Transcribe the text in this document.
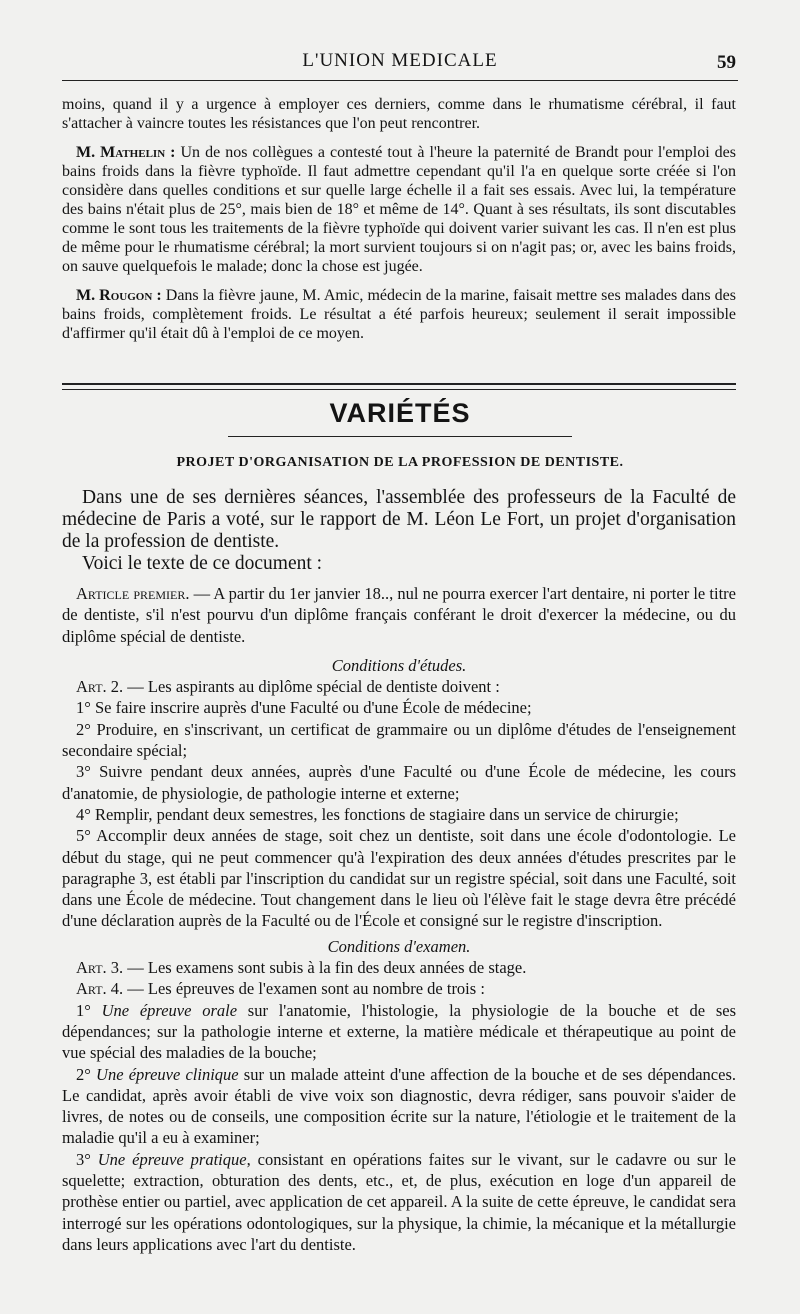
L'UNION MEDICALE	59

moins, quand il y a urgence à employer ces derniers, comme dans le rhumatisme cérébral, il faut s'attacher à vaincre toutes les résistances que l'on peut rencontrer.

M. Mathelin : Un de nos collègues a contesté tout à l'heure la paternité de Brandt pour l'emploi des bains froids dans la fièvre typhoïde. Il faut admettre cependant qu'il l'a en quelque sorte créée si l'on considère dans quelles conditions et sur quelle large échelle il a fait ses essais. Avec lui, la température des bains n'était plus de 25°, mais bien de 18° et même de 14°. Quant à ses résultats, ils sont discutables comme le sont tous les traitements de la fièvre typhoïde qui doivent varier suivant les cas. Il n'en est plus de même pour le rhumatisme cérébral; la mort survient toujours si on n'agit pas; or, avec les bains froids, on sauve quelquefois le malade; donc la chose est jugée.

M. Rougon : Dans la fièvre jaune, M. Amic, médecin de la marine, faisait mettre ses malades dans des bains froids, complètement froids. Le résultat a été parfois heureux; seulement il serait impossible d'affirmer qu'il était dû à l'emploi de ce moyen.

VARIÉTÉS
PROJET D'ORGANISATION DE LA PROFESSION DE DENTISTE.

Dans une de ses dernières séances, l'assemblée des professeurs de la Faculté de médecine de Paris a voté, sur le rapport de M. Léon Le Fort, un projet d'organisation de la profession de dentiste.

Voici le texte de ce document :

Article premier. — A partir du 1er janvier 18.., nul ne pourra exercer l'art dentaire, ni porter le titre de dentiste, s'il n'est pourvu d'un diplôme français conférant le droit d'exercer la médecine, ou du diplôme spécial de dentiste.

Conditions d'études.

Art. 2. — Les aspirants au diplôme spécial de dentiste doivent :

1° Se faire inscrire auprès d'une Faculté ou d'une École de médecine;

2° Produire, en s'inscrivant, un certificat de grammaire ou un diplôme d'études de l'enseignement secondaire spécial;

3° Suivre pendant deux années, auprès d'une Faculté ou d'une École de médecine, les cours d'anatomie, de physiologie, de pathologie interne et externe;

4° Remplir, pendant deux semestres, les fonctions de stagiaire dans un service de chirurgie;

5° Accomplir deux années de stage, soit chez un dentiste, soit dans une école d'odontologie. Le début du stage, qui ne peut commencer qu'à l'expiration des deux années d'études prescrites par le paragraphe 3, est établi par l'inscription du candidat sur un registre spécial, soit dans une Faculté, soit dans une École de médecine. Tout changement dans le lieu où l'élève fait le stage devra être précédé d'une déclaration auprès de la Faculté ou de l'École et consigné sur le registre d'inscription.

Conditions d'examen.

Art. 3. — Les examens sont subis à la fin des deux années de stage.

Art. 4. — Les épreuves de l'examen sont au nombre de trois :

1° Une épreuve orale sur l'anatomie, l'histologie, la physiologie de la bouche et de ses dépendances; sur la pathologie interne et externe, la matière médicale et thérapeutique au point de vue spécial des maladies de la bouche;

2° Une épreuve clinique sur un malade atteint d'une affection de la bouche et de ses dépendances. Le candidat, après avoir établi de vive voix son diagnostic, devra rédiger, sans pouvoir s'aider de livres, de notes ou de conseils, une composition écrite sur la nature, l'étiologie et le traitement de la maladie qu'il a eu à examiner;

3° Une épreuve pratique, consistant en opérations faites sur le vivant, sur le cadavre ou sur le squelette; extraction, obturation des dents, etc., et, de plus, exécution en loge d'un appareil de prothèse entier ou partiel, avec application de cet appareil. A la suite de cette épreuve, le candidat sera interrogé sur les opérations odontologiques, sur la physique, la chimie, la mécanique et la métallurgie dans leurs applications avec l'art du dentiste.
